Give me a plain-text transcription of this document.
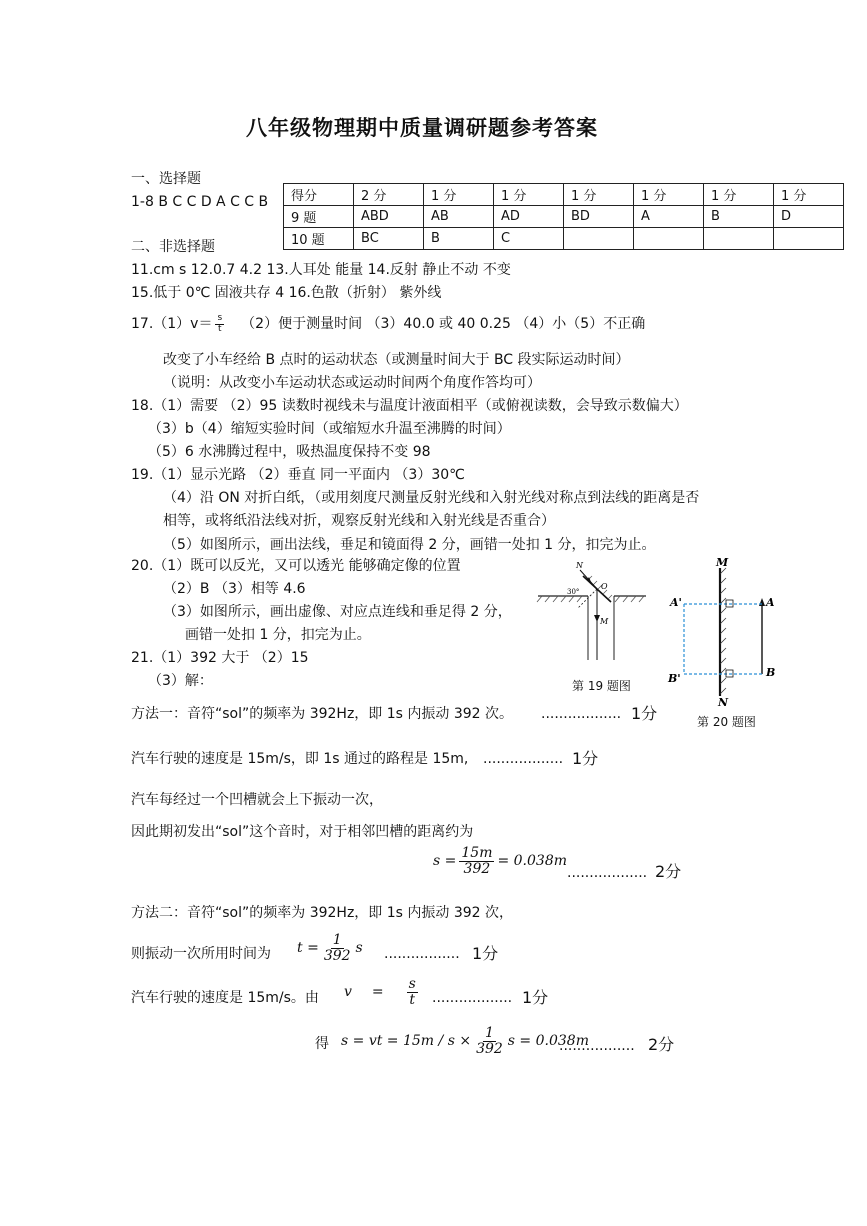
八年级物理期中质量调研题参考答案
一、选择题
1-8 B C C D A C C B
二、非选择题
得分	2 分	1 分	1 分	1 分	1 分	1 分	1 分
9 题	ABD	AB	AD	BD	A	B	D
10 题	BC	B	C				
11.cm s 12.0.7 4.2 13.人耳处 能量 14.反射 静止不动 不变
15.低于 0℃ 固液共存 4 16.色散（折射） 紫外线
$17.(1)v= \frac{s}{t} (2)$便于测量时间 （3）40.0 或 40 0.25 （4）小（5）不正确
改变了小车经给 B 点时的运动状态（或测量时间大于 BC 段实际运动时间）
（说明：从改变小车运动状态或运动时间两个角度作答均可）
18.（1）需要 （2）95 读数时视线未与温度计液面相平（或俯视读数，会导致示数偏大）
（3）b（4）缩短实验时间（或缩短水升温至沸腾的时间）
（5）6 水沸腾过程中，吸热温度保持不变 98
19.（1）显示光路 （2）垂直 同一平面内 （3）30℃
（4）沿 ON 对折白纸，（或用刻度尺测量反射光线和入射光线对称点到法线的距离是否
相等，或将纸沿法线对折，观察反射光线和入射光线是否重合）
（5）如图所示，画出法线，垂足和镜面得 2 分，画错一处扣 1 分，扣完为止。
20.（1）既可以反光，又可以透光 能够确定像的位置
（2）B （3）相等 4.6
（3）如图所示，画出虚像、对应点连线和垂足得 2 分，
画错一处扣 1 分，扣完为止。
21.（1）392 大于 （2）15
（3）解：
N
O
M
30°
第 19 题图
M
N
A
B
A'
B'
第 20 题图
方法一：音符“sol”的频率为 392Hz，即 1s 内振动 392 次。 .................. 1分
汽车行驶的速度是 15m/s，即 1s 通过的路程是 15m, .................. 1分
汽车每经过一个凹槽就会上下振动一次，
因此期初发出“sol”这个音时，对于相邻凹槽的距离约为
$s = \frac{15m}{392} = 0.038m$
.................. 2分
方法二：音符“sol”的频率为 392Hz，即 1s 内振动 392 次，
则振动一次所用时间为 $t = \frac{1}{392}$ s ................. 1分
汽车行驶的速度是 15m/s。由 $v = \frac{s}{t}$ .................. 1分
得 s = vt = $15m / s \times \frac{1}{392}$ s = 0.038m
................. 2分
